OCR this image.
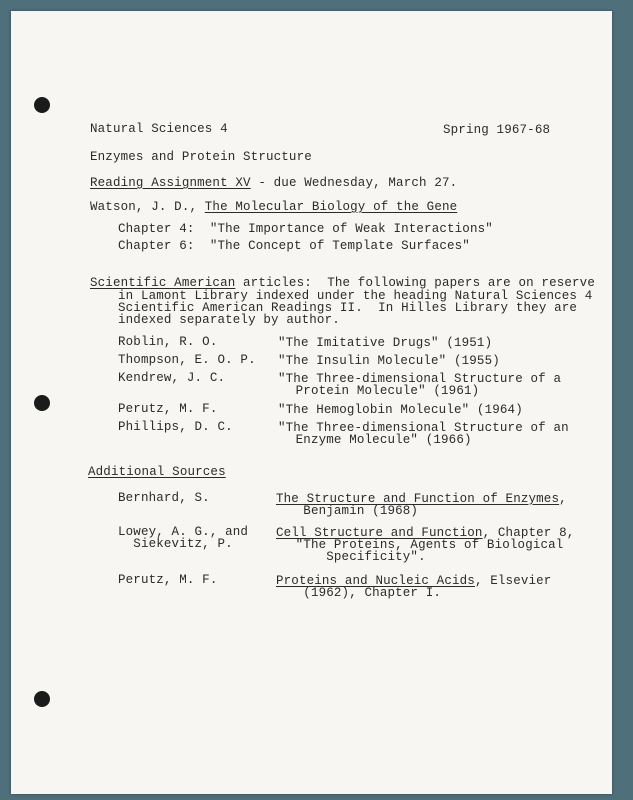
Natural Sciences 4	Spring 1967-68
Enzymes and Protein Structure
Reading Assignment XV - due Wednesday, March 27.
Watson, J. D., The Molecular Biology of the Gene
Chapter 4:  "The Importance of Weak Interactions"
Chapter 6:  "The Concept of Template Surfaces"
Scientific American articles:  The following papers are on reserve
in Lamont Library indexed under the heading Natural Sciences 4
Scientific American Readings II.  In Hilles Library they are
indexed separately by author.
Roblin, R. O.	"The Imitative Drugs" (1951)
Thompson, E. O. P. "The Insulin Molecule" (1955)
Kendrew, J. C.	"The Three-dimensional Structure of a
Protein Molecule" (1961)
Perutz, M. F.	"The Hemoglobin Molecule" (1964)
Phillips, D. C.	"The Three-dimensional Structure of an
Enzyme Molecule" (1966)
Additional Sources
Bernhard, S.	The Structure and Function of Enzymes,
Benjamin (1968)
Lowey, A. G., and
Siekevitz, P.
Cell Structure and Function, Chapter 8,
"The Proteins, Agents of Biological
Specificity".
Perutz, M. F.	Proteins and Nucleic Acids, Elsevier
(1962), Chapter I.
